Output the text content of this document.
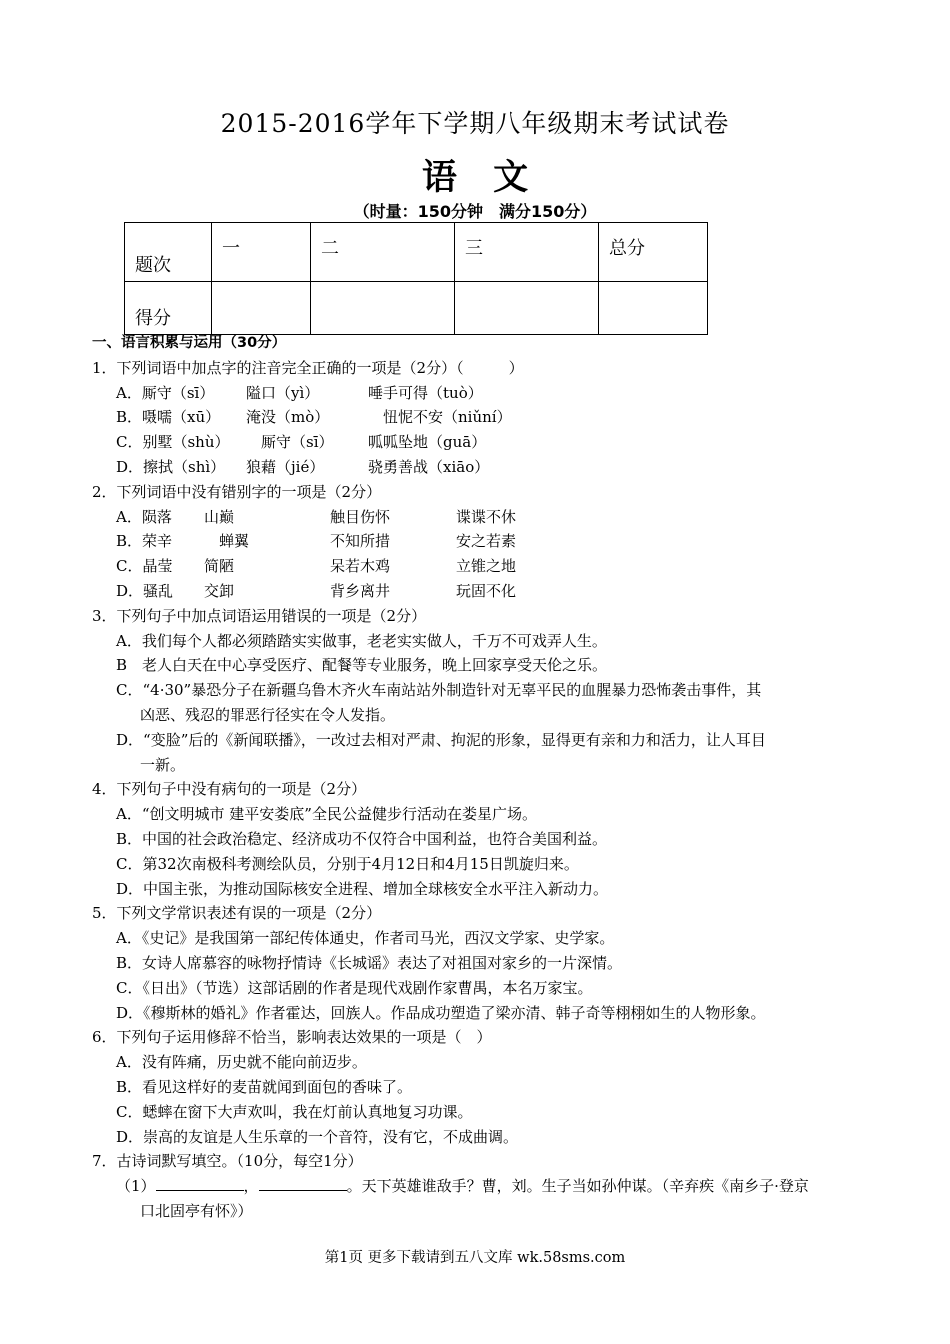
2015-2016学年下学期八年级期末考试试卷
语 文
（时量：150分钟　满分150分）
题次	一	二	三	总分
得分				
一、语言积累与运用（30分）
1．下列词语中加点字的注音完全正确的一项是（2分）（　　　）
A．厮守（sī） 隘口（yì）	唾手可得（tuò）
B．嗫嚅（xū） 淹没（mò）	　忸怩不安（niǔní）
C．别墅（shù）　厮守（sī） 呱呱坠地（guā）
D．擦拭（shì） 狼藉（jié）	骁勇善战（xiāo）
2．下列词语中没有错别字的一项是（2分）
A．陨落 山巅	触目伤怀	谍谍不休
B．荣辛　蝉翼	不知所措	安之若素
C．晶莹 简陋	呆若木鸡	立锥之地
D．骚乱 交卸	背乡离井	玩固不化
3．下列句子中加点词语运用错误的一项是（2分）
A．我们每个人都必须踏踏实实做事，老老实实做人，千万不可戏弄人生。
B　老人白天在中心享受医疗、配餐等专业服务，晚上回家享受天伦之乐。
C．“4·30”暴恐分子在新疆乌鲁木齐火车南站站外制造针对无辜平民的血腥暴力恐怖袭击事件，其
凶恶、残忍的罪恶行径实在令人发指。
D．“变脸”后的《新闻联播》，一改过去相对严肃、拘泥的形象，显得更有亲和力和活力，让人耳目
一新。
4．下列句子中没有病句的一项是（2分）
A．“创文明城市 建平安娄底”全民公益健步行活动在娄星广场。
B．中国的社会政治稳定、经济成功不仅符合中国利益，也符合美国利益。
C．第32次南极科考测绘队员，分别于4月12日和4月15日凯旋归来。
D．中国主张，为推动国际核安全进程、增加全球核安全水平注入新动力。
5．下列文学常识表述有误的一项是（2分）
A．《史记》是我国第一部纪传体通史，作者司马光，西汉文学家、史学家。
B．女诗人席慕容的咏物抒情诗《长城谣》表达了对祖国对家乡的一片深情。
C．《日出》（节选）这部话剧的作者是现代戏剧作家曹禺，本名万家宝。
D．《穆斯林的婚礼》作者霍达，回族人。作品成功塑造了梁亦清、韩子奇等栩栩如生的人物形象。
6．下列句子运用修辞不恰当，影响表达效果的一项是（　）
A．没有阵痛，历史就不能向前迈步。
B．看见这样好的麦苗就闻到面包的香味了。
C．蟋蟀在窗下大声欢叫，我在灯前认真地复习功课。
D．崇高的友谊是人生乐章的一个音符，没有它，不成曲调。
7．古诗词默写填空。（10分，每空1分）
（1）	，	。天下英雄谁敌手？曹，刘。生子当如孙仲谋。（辛弃疾《南乡子·登京
口北固亭有怀》）
第1页 更多下载请到五八文库 wk.58sms.com
